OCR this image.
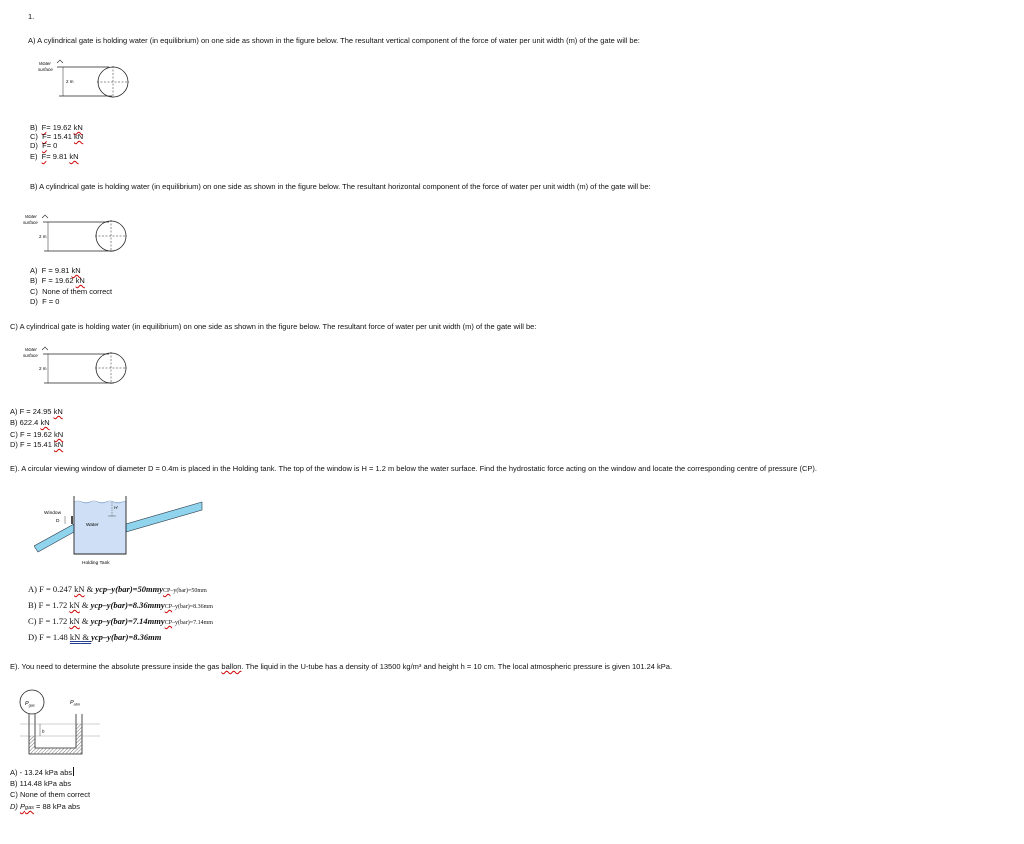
1.
A) A cylindrical gate is holding water (in equilibrium) on one side as shown in the figure below. The resultant vertical component of the force of water per unit width (m) of the gate will be:
Water
surface
2 m
B) F= 19.62 kN
C) F= 15.41 kN
D) F= 0
E) F= 9.81 kN
B) A cylindrical gate is holding water (in equilibrium) on one side as shown in the figure below. The resultant horizontal component of the force of water per unit width (m) of the gate will be:
Water
surface
2 m
A) F = 9.81 kN
B) F = 19.62 kN
C) None of them correct
D) F = 0
C) A cylindrical gate is holding water (in equilibrium) on one side as shown in the figure below. The resultant force of water per unit width (m) of the gate will be:
Water
surface
2 m
A) F = 24.95 kN
B) 622.4 kN
C) F = 19.62 kN
D) F = 15.41 kN
E). A circular viewing window of diameter D = 0.4m is placed in the Holding tank. The top of the window is H = 1.2 m below the water surface. Find the hydrostatic force acting on the window and locate the corresponding centre of pressure (CP).
Window
D
Water
H
Holding Tank
A) F = 0.247 kN & ycp–y(bar)=50mmyCP–y(bar)=50mm
B) F = 1.72 kN & ycp–y(bar)=8.36mmyCP–y(bar)=8.36mm
C) F = 1.72 kN & ycp–y(bar)=7.14mmyCP–y(bar)=7.14mm
D) F = 1.48 kN & ycp–y(bar)=8.36mm
E). You need to determine the absolute pressure inside the gas ballon. The liquid in the U-tube has a density of 13500 kg/m³ and height h = 10 cm. The local atmospheric pressure is given 101.24 kPa.
$P_{gas}$	$P_{atm}$
h
A) - 13.24 kPa abs
B) 114.48 kPa abs
C) None of them correct
D) Pgas = 88 kPa abs
